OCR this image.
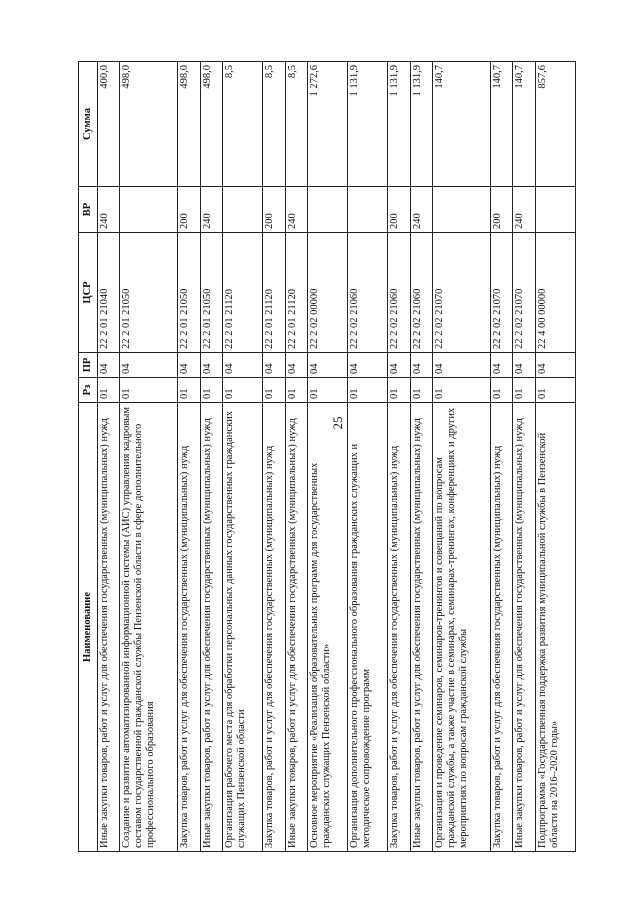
25
Наименование	Рз	ПР	ЦСР	ВР	Сумма
Иные закупки товаров, работ и услуг для обеспечения государственных (муниципальных) нужд	01	04	22 2 01 21040	240	400,0
Создание и развитие автоматизированной информационной системы (АИС) управления кадровым составом государственной гражданской службы Пензенской области в сфере дополнительного профессионального образования	01	04	22 2 01 21050		498,0
Закупка товаров, работ и услуг для обеспечения государственных (муниципальных) нужд	01	04	22 2 01 21050	200	498,0
Иные закупки товаров, работ и услуг для обеспечения государственных (муниципальных) нужд	01	04	22 2 01 21050	240	498,0
Организация рабочего места для обработки персональных данных государственных гражданских служащих Пензенской области	01	04	22 2 01 21120		8,5
Закупка товаров, работ и услуг для обеспечения государственных (муниципальных) нужд	01	04	22 2 01 21120	200	8,5
Иные закупки товаров, работ и услуг для обеспечения государственных (муниципальных) нужд	01	04	22 2 01 21120	240	8,5
Основное мероприятие «Реализация образовательных программ для государственных гражданских служащих Пензенской области»	01	04	22 2 02 00000		1 272,6
Организация дополнительного профессионального образования гражданских служащих и методическое сопровождение программ	01	04	22 2 02 21060		1 131,9
Закупка товаров, работ и услуг для обеспечения государственных (муниципальных) нужд	01	04	22 2 02 21060	200	1 131,9
Иные закупки товаров, работ и услуг для обеспечения государственных (муниципальных) нужд	01	04	22 2 02 21060	240	1 131,9
Организация и проведение семинаров, семинаров-тренингов и совещаний по вопросам гражданской службы, а также участие в семинарах, семинарах-тренингах, конференциях и других мероприятиях по вопросам гражданской службы	01	04	22 2 02 21070		140,7
Закупка товаров, работ и услуг для обеспечения государственных (муниципальных) нужд	01	04	22 2 02 21070	200	140,7
Иные закупки товаров, работ и услуг для обеспечения государственных (муниципальных) нужд	01	04	22 2 02 21070	240	140,7
Подпрограмма «Государственная поддержка развития муниципальной службы в Пензенской области на 2016–2020 годы»	01	04	22 4 00 00000		857,6
